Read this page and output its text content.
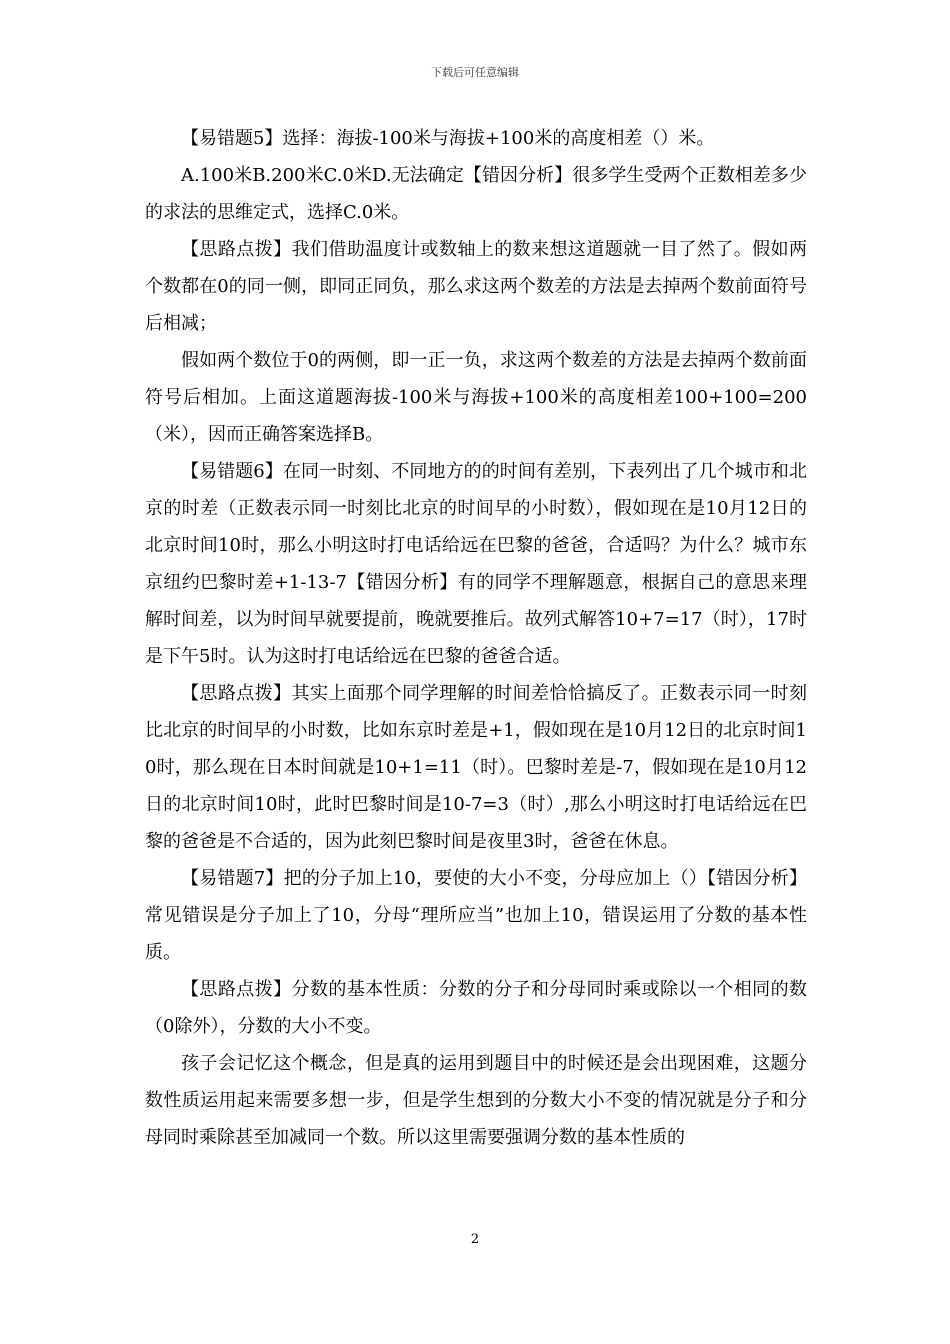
下载后可任意编辑

【易错题5】选择：海拔-100米与海拔+100米的高度相差（）米。

A.100米B.200米C.0米D.无法确定【错因分析】很多学生受两个正数相差多少的求法的思维定式，选择C.0米。

【思路点拨】我们借助温度计或数轴上的数来想这道题就一目了然了。假如两个数都在0的同一侧，即同正同负，那么求这两个数差的方法是去掉两个数前面符号后相减；

假如两个数位于0的两侧，即一正一负，求这两个数差的方法是去掉两个数前面符号后相加。上面这道题海拔-100米与海拔+100米的高度相差100+100=200（米），因而正确答案选择B。

【易错题6】在同一时刻、不同地方的的时间有差别，下表列出了几个城市和北京的时差（正数表示同一时刻比北京的时间早的小时数），假如现在是10月12日的北京时间10时，那么小明这时打电话给远在巴黎的爸爸，合适吗？为什么？城市东京纽约巴黎时差+1-13-7【错因分析】有的同学不理解题意，根据自己的意思来理解时间差，以为时间早就要提前，晚就要推后。故列式解答10+7=17（时），17时是下午5时。认为这时打电话给远在巴黎的爸爸合适。

【思路点拨】其实上面那个同学理解的时间差恰恰搞反了。正数表示同一时刻比北京的时间早的小时数，比如东京时差是+1，假如现在是10月12日的北京时间10时，那么现在日本时间就是10+1=11（时）。巴黎时差是-7，假如现在是10月12日的北京时间10时，此时巴黎时间是10-7=3（时）,那么小明这时打电话给远在巴黎的爸爸是不合适的，因为此刻巴黎时间是夜里3时，爸爸在休息。

【易错题7】把的分子加上10，要使的大小不变，分母应加上（）【错因分析】常见错误是分子加上了10，分母“理所应当”也加上10，错误运用了分数的基本性质。

【思路点拨】分数的基本性质：分数的分子和分母同时乘或除以一个相同的数（0除外），分数的大小不变。

孩子会记忆这个概念，但是真的运用到题目中的时候还是会出现困难，这题分数性质运用起来需要多想一步，但是学生想到的分数大小不变的情况就是分子和分母同时乘除甚至加减同一个数。所以这里需要强调分数的基本性质的

2
